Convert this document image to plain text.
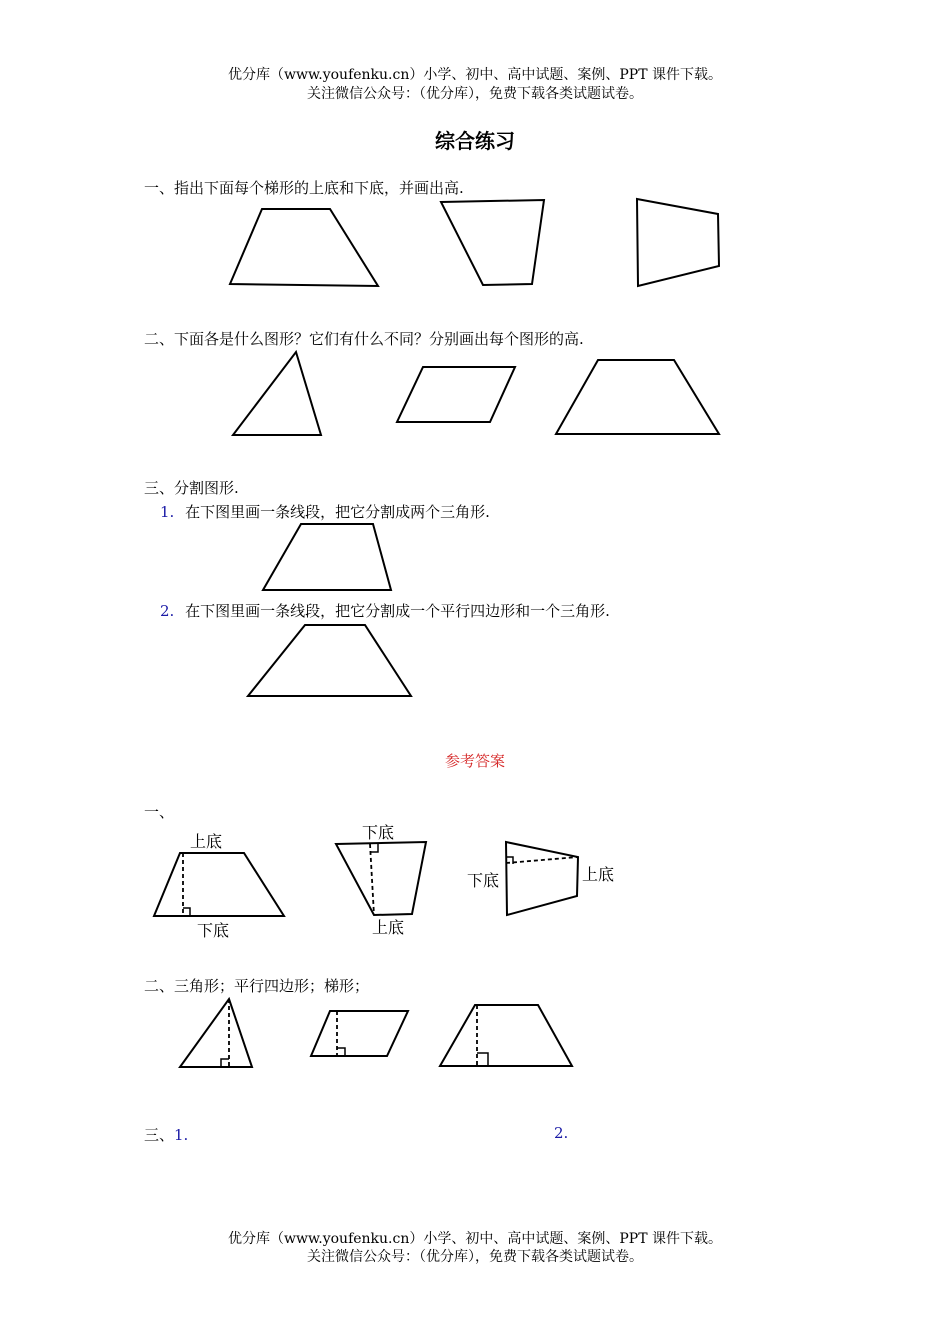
优分库（www.youfenku.cn）小学、初中、高中试题、案例、PPT 课件下载。
关注微信公众号：（优分库），免费下载各类试题试卷。
综合练习
一、指出下面每个梯形的上底和下底，并画出高.
二、下面各是什么图形？它们有什么不同？分别画出每个图形的高.
三、分割图形.
1. 在下图里画一条线段，把它分割成两个三角形.
2. 在下图里画一条线段，把它分割成一个平行四边形和一个三角形.
参考答案
一、
上底
下底
下底
上底
下底	上底
二、三角形；平行四边形；梯形；
三、1.	2.
优分库（www.youfenku.cn）小学、初中、高中试题、案例、PPT 课件下载。
关注微信公众号：（优分库），免费下载各类试题试卷。
